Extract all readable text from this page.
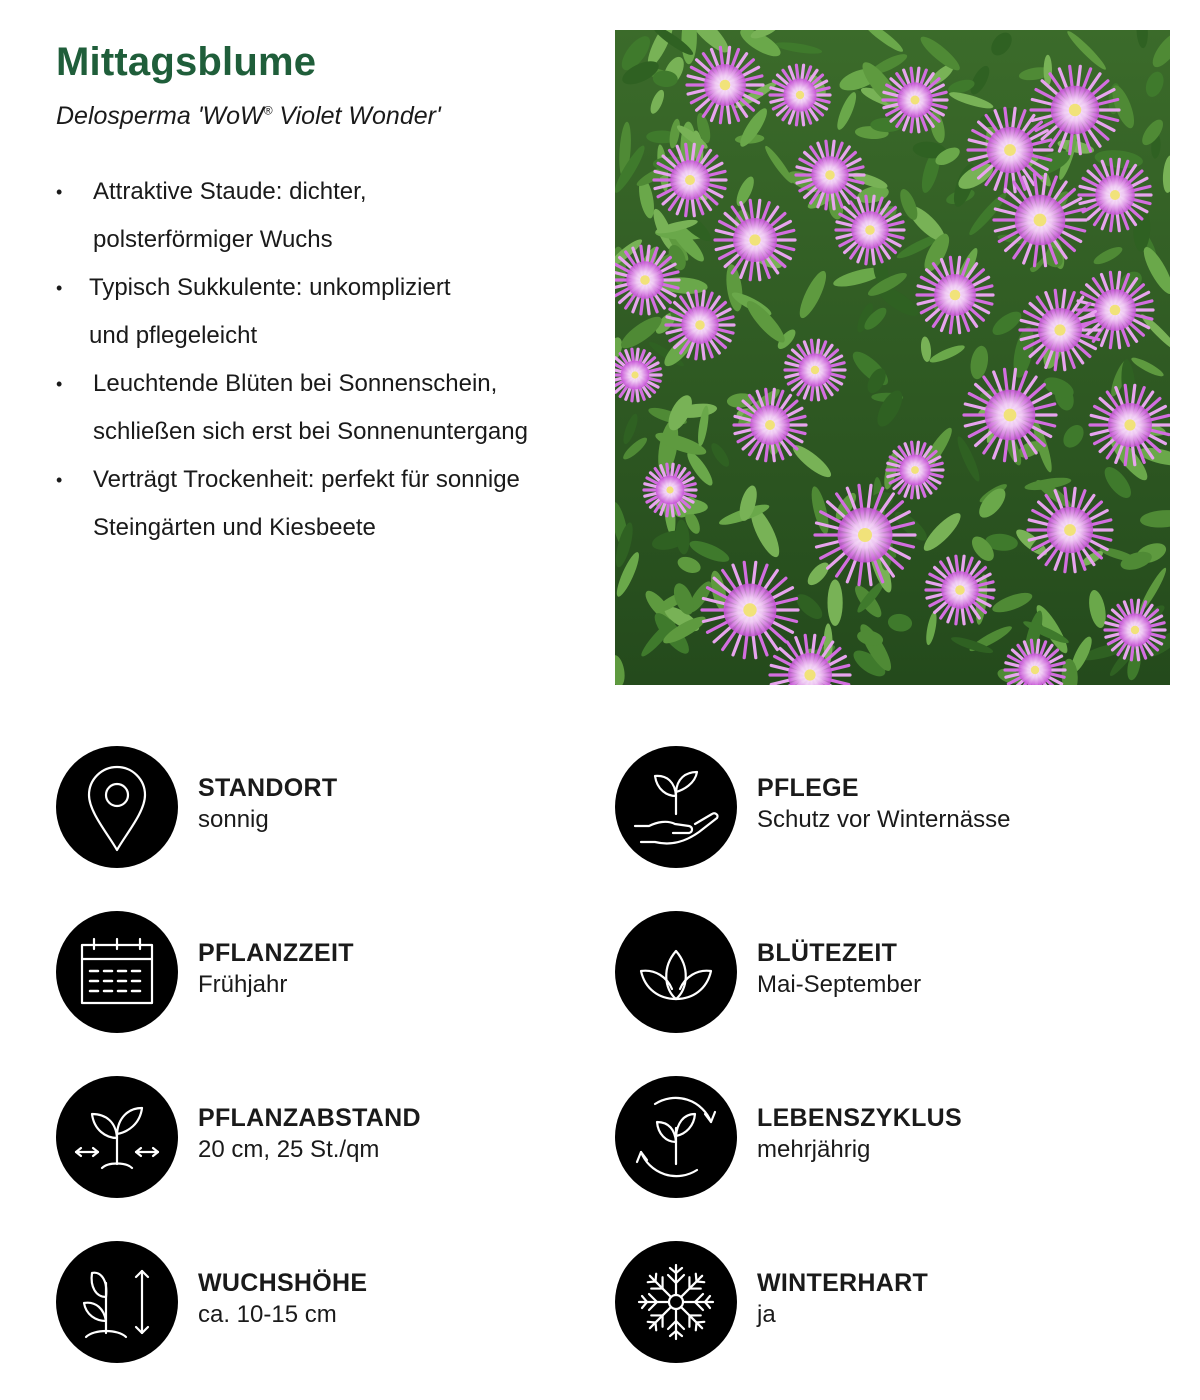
Mittagsblume

Delosperma 'WoW® Violet Wonder'

• Attraktive Staude: dichter,
polsterförmiger Wuchs
• Typisch Sukkulente: unkompliziert
und pflegeleicht
• Leuchtende Blüten bei Sonnenschein,
schließen sich erst bei Sonnenuntergang
• Verträgt Trockenheit: perfekt für sonnige
Steingärten und Kiesbeete
STANDORT
sonnig
PFLEGE
Schutz vor Winternässe
PFLANZZEIT
Frühjahr
BLÜTEZEIT
Mai-September
PFLANZABSTAND
20 cm, 25 St./qm
LEBENSZYKLUS
mehrjährig
WUCHSHÖHE
ca. 10-15 cm
WINTERHART
ja
